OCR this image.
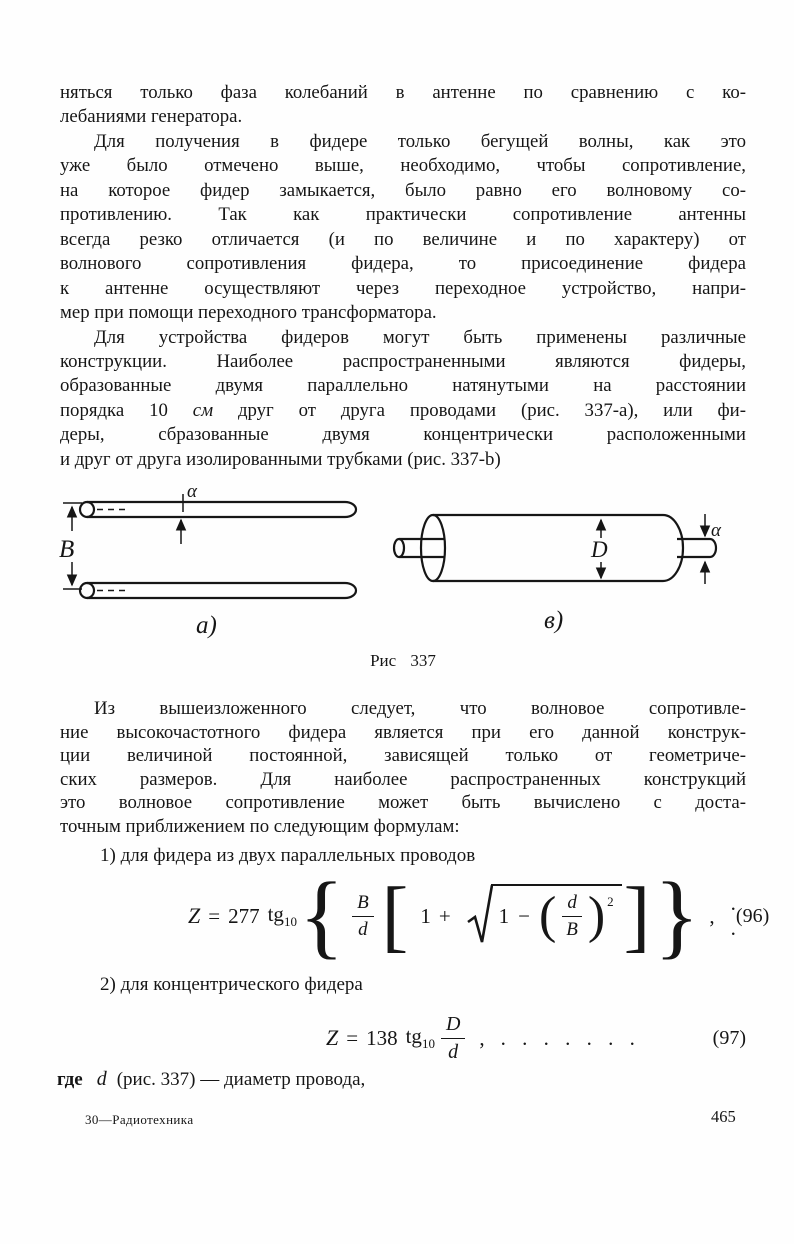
няться только фаза колебаний в антенне по сравнению с ко-
лебаниями генератора.
Для получения в фидере только бегущей волны, как это
уже было отмечено выше, необходимо, чтобы сопротивление,
на которое фидер замыкается, было равно его волновому со-
противлению. Так как практически сопротивление антенны
всегда резко отличается (и по величине и по характеру) от
волнового сопротивления фидера, то присоединение фидера
к антенне осуществляют через переходное устройство, напри-
мер при помощи переходного трансформатора.
Для устройства фидеров могут быть применены различные
конструкции. Наиболее распространенными являются фидеры,
образованные двумя параллельно натянутыми на расстоянии
порядка 10 см друг от друга проводами (рис. 337-а), или фи-
деры, сбразованные двумя концентрически расположенными
и друг от друга изолированными трубками (рис. 337-b)
α
B
а)
D
α
в)
Рис 337
Из вышеизложенного следует, что волновое сопротивле-
ние высокочастотного фидера является при его данной конструк-
ции величиной постоянной, зависящей только от геометриче-
ских размеров. Для наиболее распространенных конструкций
это волновое сопротивление может быть вычислено с доста-
точным приближением по следующим формулам:
1) для фидера из двух параллельных проводов
Z = 277 $tg_{10}$ { $\frac{B}{d}$ [ 1 + 1 − ( $\frac{d}{B}$ ) 2 ] } ,
. .
(96)
2) для концентрического фидера
Z = 138 $tg_{10} \frac{D}{d}$ , . . . . . . .	(97)
где d (рис. 337) — диаметр провода,
30—Радиотехника	465
